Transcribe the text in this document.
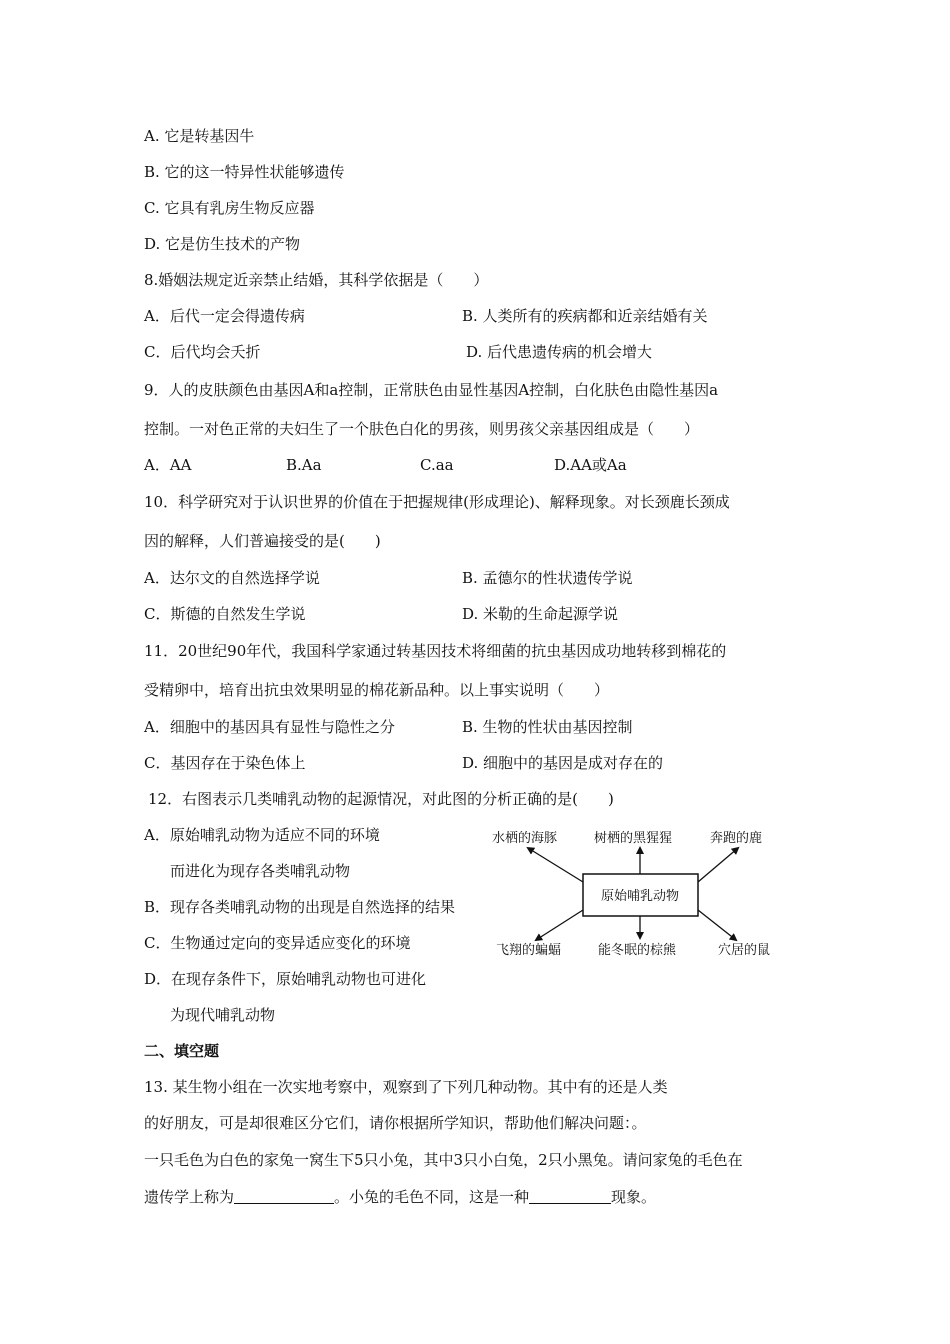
A. 它是转基因牛
B. 它的这一特异性状能够遗传
C. 它具有乳房生物反应器
D. 它是仿生技术的产物
8.婚姻法规定近亲禁止结婚，其科学依据是（　　）
A．后代一定会得遗传病	B. 人类所有的疾病都和近亲结婚有关
C．后代均会夭折	D. 后代患遗传病的机会增大
9．人的皮肤颜色由基因A和a控制，正常肤色由显性基因A控制，白化肤色由隐性基因a
控制。一对色正常的夫妇生了一个肤色白化的男孩，则男孩父亲基因组成是（　　）
A．AA	B.Aa	C.aa	D.AA或Aa
10．科学研究对于认识世界的价值在于把握规律(形成理论)、解释现象。对长颈鹿长颈成
因的解释，人们普遍接受的是(　　)
A．达尔文的自然选择学说	B. 孟德尔的性状遗传学说
C．斯德的自然发生学说	D. 米勒的生命起源学说
11．20世纪90年代，我国科学家通过转基因技术将细菌的抗虫基因成功地转移到棉花的
受精卵中，培育出抗虫效果明显的棉花新品种。以上事实说明（　　）
A．细胞中的基因具有显性与隐性之分	B. 生物的性状由基因控制
C．基因存在于染色体上	D. 细胞中的基因是成对存在的
12．右图表示几类哺乳动物的起源情况，对此图的分析正确的是(　　)
A．原始哺乳动物为适应不同的环境
而进化为现存各类哺乳动物
B．现存各类哺乳动物的出现是自然选择的结果
C．生物通过定向的变异适应变化的环境
D．在现存条件下，原始哺乳动物也可进化
为现代哺乳动物
原始哺乳动物
水栖的海豚	树栖的黑猩猩	奔跑的鹿
飞翔的蝙蝠	能冬眠的棕熊	穴居的鼠
二、填空题
13. 某生物小组在一次实地考察中，观察到了下列几种动物。其中有的还是人类
的好朋友，可是却很难区分它们，请你根据所学知识，帮助他们解决问题：。
一只毛色为白色的家兔一窝生下5只小兔，其中3只小白兔，2只小黑兔。请问家兔的毛色在
遗传学上称为	。小兔的毛色不同，这是一种	现象。
